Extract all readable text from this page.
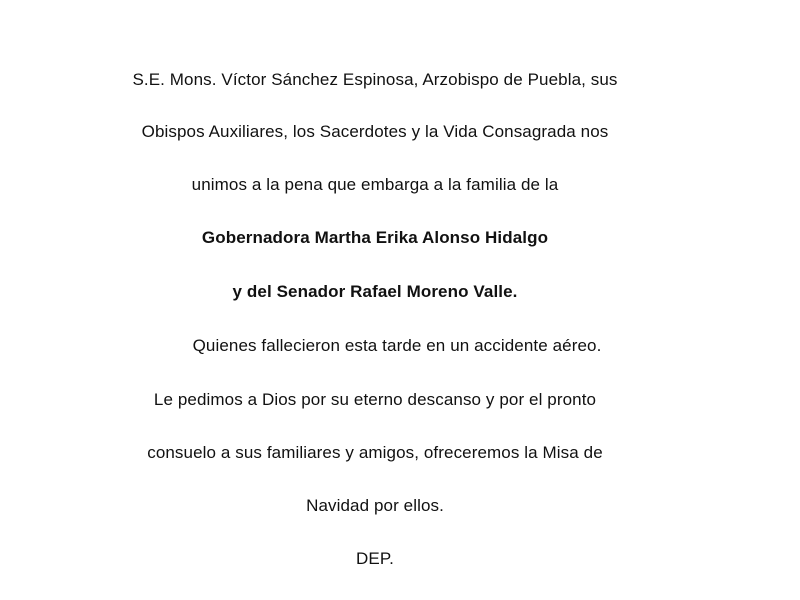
S.E. Mons. Víctor Sánchez Espinosa, Arzobispo de Puebla, sus
Obispos Auxiliares, los Sacerdotes y la Vida Consagrada nos
unimos a la pena que embarga a la familia de la
Gobernadora Martha Erika Alonso Hidalgo
y del Senador Rafael Moreno Valle.
Quienes fallecieron esta tarde en un accidente aéreo.
Le pedimos a Dios por su eterno descanso y por el pronto
consuelo a sus familiares y amigos, ofreceremos la Misa de
Navidad por ellos.
DEP.
